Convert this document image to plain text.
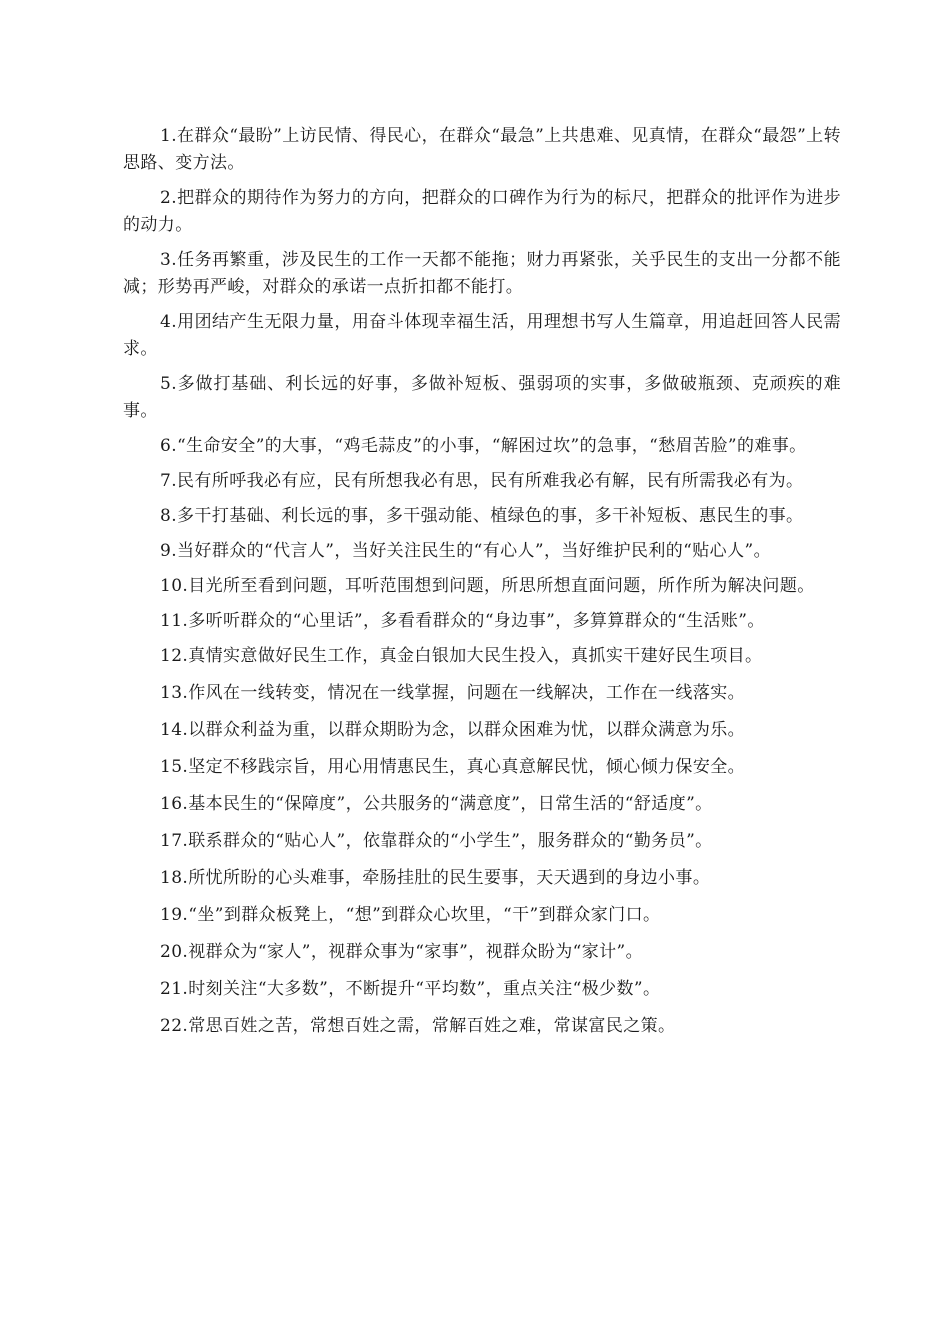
1.在群众“最盼”上访民情、得民心，在群众“最急”上共患难、见真情，在群众“最怨”上转思路、变方法。

2.把群众的期待作为努力的方向，把群众的口碑作为行为的标尺，把群众的批评作为进步的动力。

3.任务再繁重，涉及民生的工作一天都不能拖；财力再紧张，关乎民生的支出一分都不能减；形势再严峻，对群众的承诺一点折扣都不能打。

4.用团结产生无限力量，用奋斗体现幸福生活，用理想书写人生篇章，用追赶回答人民需求。

5.多做打基础、利长远的好事，多做补短板、强弱项的实事，多做破瓶颈、克顽疾的难事。

6.“生命安全”的大事，“鸡毛蒜皮”的小事，“解困过坎”的急事，“愁眉苦脸”的难事。

7.民有所呼我必有应，民有所想我必有思，民有所难我必有解，民有所需我必有为。

8.多干打基础、利长远的事，多干强动能、植绿色的事，多干补短板、惠民生的事。

9.当好群众的“代言人”，当好关注民生的“有心人”，当好维护民利的“贴心人”。

10.目光所至看到问题，耳听范围想到问题，所思所想直面问题，所作所为解决问题。

11.多听听群众的“心里话”，多看看群众的“身边事”，多算算群众的“生活账”。

12.真情实意做好民生工作，真金白银加大民生投入，真抓实干建好民生项目。

13.作风在一线转变，情况在一线掌握，问题在一线解决，工作在一线落实。

14.以群众利益为重，以群众期盼为念，以群众困难为忧，以群众满意为乐。

15.坚定不移践宗旨，用心用情惠民生，真心真意解民忧，倾心倾力保安全。

16.基本民生的“保障度”，公共服务的“满意度”，日常生活的“舒适度”。

17.联系群众的“贴心人”，依靠群众的“小学生”，服务群众的“勤务员”。

18.所忧所盼的心头难事，牵肠挂肚的民生要事，天天遇到的身边小事。

19.“坐”到群众板凳上，“想”到群众心坎里，“干”到群众家门口。

20.视群众为“家人”，视群众事为“家事”，视群众盼为“家计”。

21.时刻关注“大多数”，不断提升“平均数”，重点关注“极少数”。

22.常思百姓之苦，常想百姓之需，常解百姓之难，常谋富民之策。
